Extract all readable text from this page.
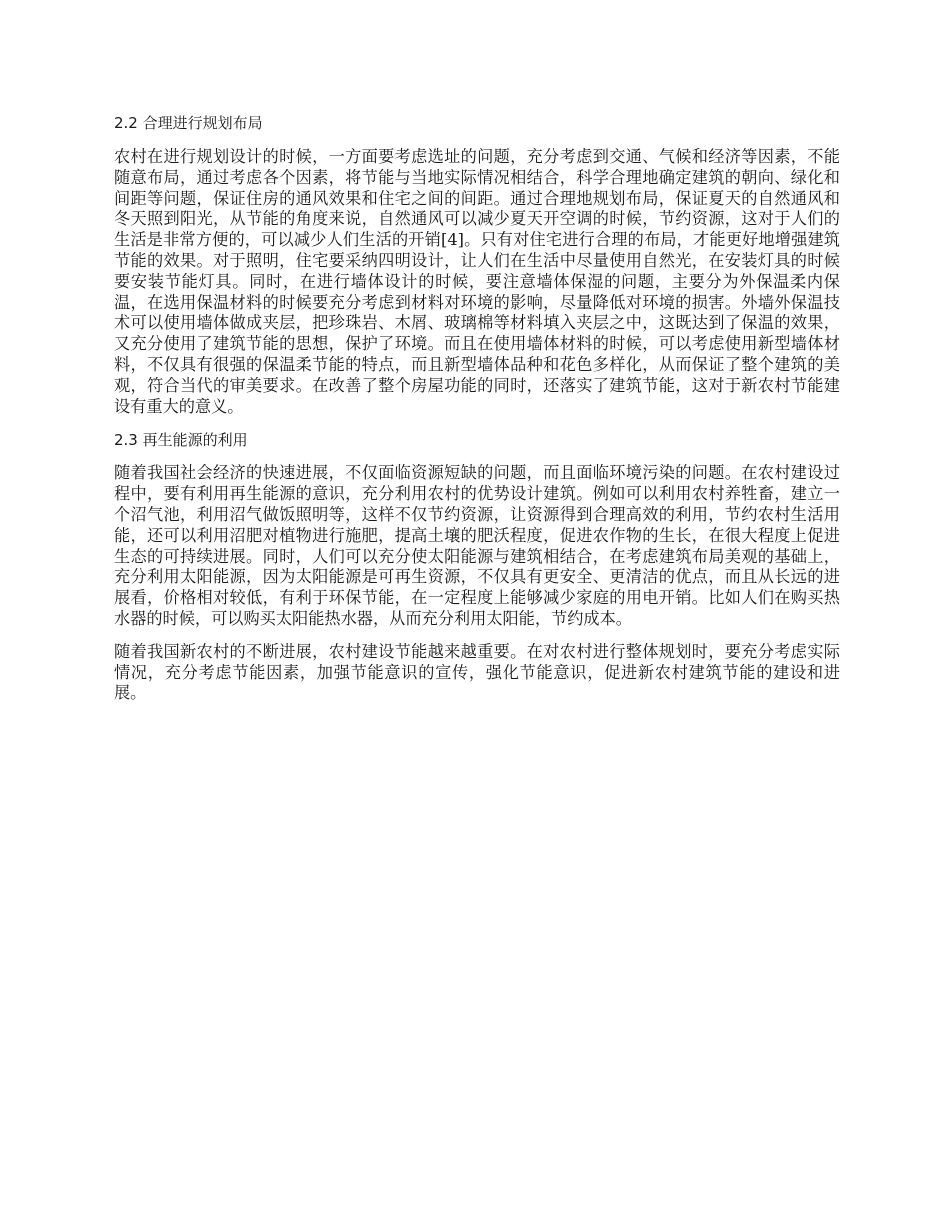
2.2 合理进行规划布局

农村在进行规划设计的时候，一方面要考虑选址的问题，充分考虑到交通、气候和经济等因素，不能随意布局，通过考虑各个因素，将节能与当地实际情况相结合，科学合理地确定建筑的朝向、绿化和间距等问题，保证住房的通风效果和住宅之间的间距。通过合理地规划布局，保证夏天的自然通风和冬天照到阳光，从节能的角度来说，自然通风可以减少夏天开空调的时候，节约资源，这对于人们的生活是非常方便的，可以减少人们生活的开销[4]。只有对住宅进行合理的布局，才能更好地增强建筑节能的效果。对于照明，住宅要采纳四明设计，让人们在生活中尽量使用自然光，在安装灯具的时候要安装节能灯具。同时，在进行墙体设计的时候，要注意墙体保湿的问题，主要分为外保温柔内保温，在选用保温材料的时候要充分考虑到材料对环境的影响，尽量降低对环境的损害。外墙外保温技术可以使用墙体做成夹层，把珍珠岩、木屑、玻璃棉等材料填入夹层之中，这既达到了保温的效果，又充分使用了建筑节能的思想，保护了环境。而且在使用墙体材料的时候，可以考虑使用新型墙体材料，不仅具有很强的保温柔节能的特点，而且新型墙体品种和花色多样化，从而保证了整个建筑的美观，符合当代的审美要求。在改善了整个房屋功能的同时，还落实了建筑节能，这对于新农村节能建设有重大的意义。

2.3 再生能源的利用

随着我国社会经济的快速进展，不仅面临资源短缺的问题，而且面临环境污染的问题。在农村建设过程中，要有利用再生能源的意识，充分利用农村的优势设计建筑。例如可以利用农村养牲畜，建立一个沼气池，利用沼气做饭照明等，这样不仅节约资源，让资源得到合理高效的利用，节约农村生活用能，还可以利用沼肥对植物进行施肥，提高土壤的肥沃程度，促进农作物的生长，在很大程度上促进生态的可持续进展。同时，人们可以充分使太阳能源与建筑相结合，在考虑建筑布局美观的基础上，充分利用太阳能源，因为太阳能源是可再生资源，不仅具有更安全、更清洁的优点，而且从长远的进展看，价格相对较低，有利于环保节能，在一定程度上能够减少家庭的用电开销。比如人们在购买热水器的时候，可以购买太阳能热水器，从而充分利用太阳能，节约成本。

随着我国新农村的不断进展，农村建设节能越来越重要。在对农村进行整体规划时，要充分考虑实际情况，充分考虑节能因素，加强节能意识的宣传，强化节能意识，促进新农村建筑节能的建设和进展。
